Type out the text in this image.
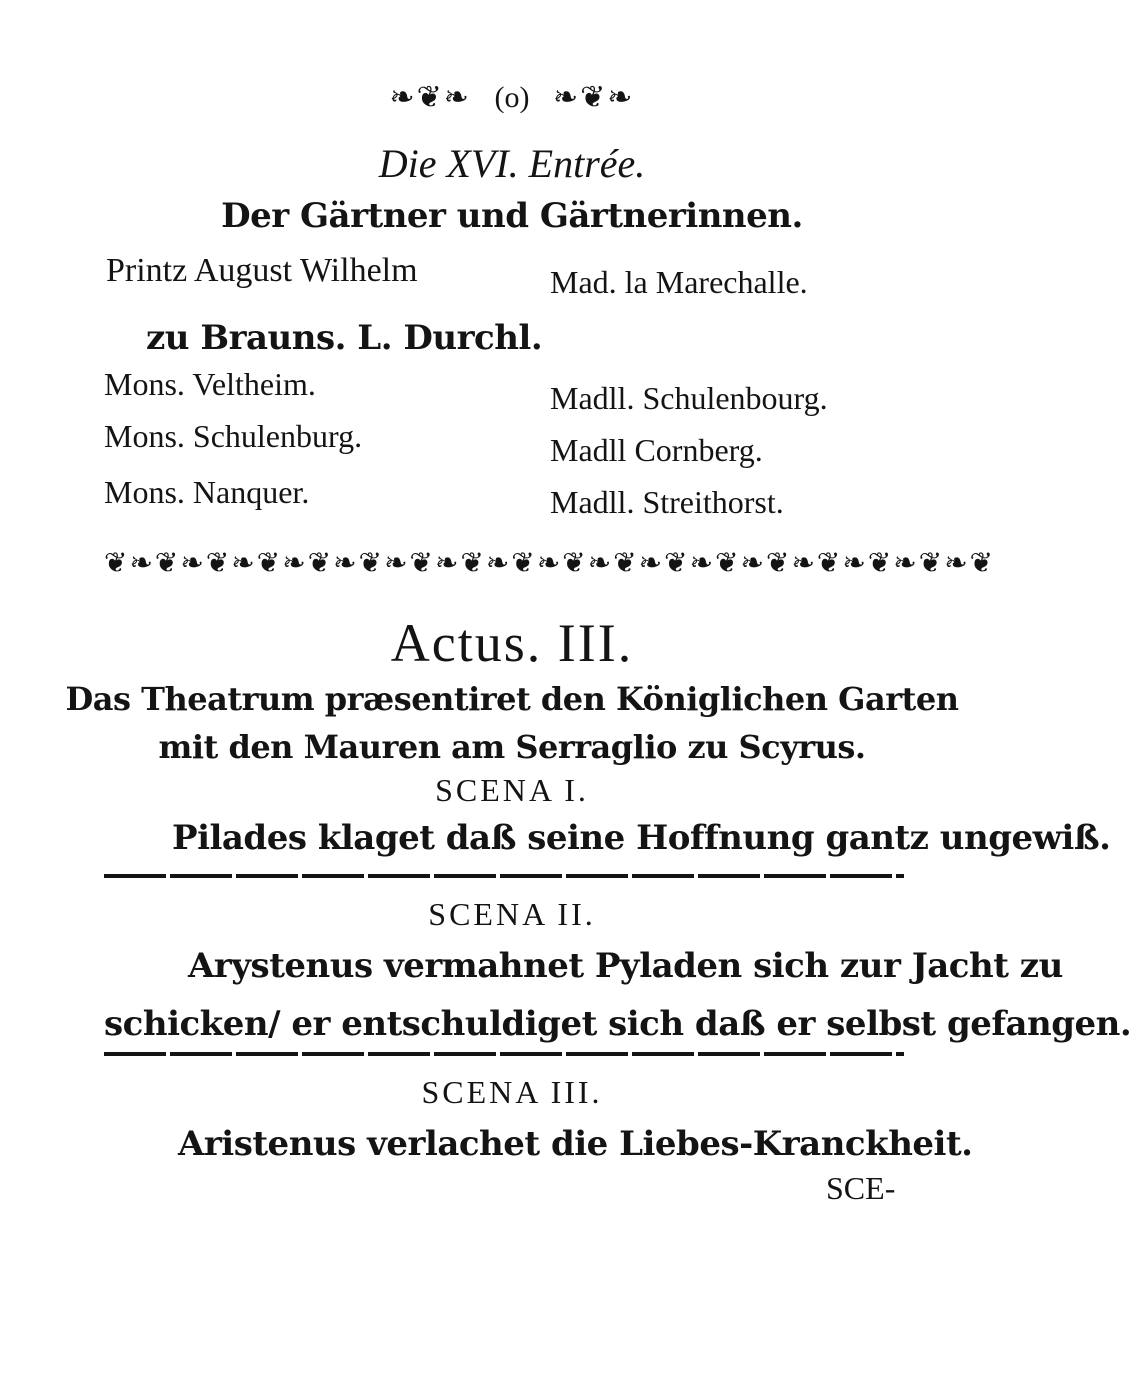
❧❦❧ (o) ❧❦❧
Die XVI. Entrée.
Der Gärtner und Gärtnerinnen.
Printz August Wilhelm
zu Brauns. L. Durchl.
Mons. Veltheim.
Mons. Schulenburg.
Mons. Nanquer.
Mad. la Marechalle.
Madll. Schulenbourg.
Madll Cornberg.
Madll. Streithorst.
❦❧❦❧❦❧❦❧❦❧❦❧❦❧❦❧❦❧❦❧❦❧❦❧❦❧❦❧❦❧❦❧❦❧❦
Actus. III.
Das Theatrum præsentiret den Königlichen Garten
mit den Mauren am Serraglio zu Scyrus.
SCENA I.
Pilades klaget daß seine Hoffnung gantz ungewiß.
SCENA II.
Arystenus vermahnet Pyladen sich zur Jacht zu
schicken/ er entschuldiget sich daß er selbst gefangen.
SCENA III.
Aristenus verlachet die Liebes-Kranckheit.
SCE-
